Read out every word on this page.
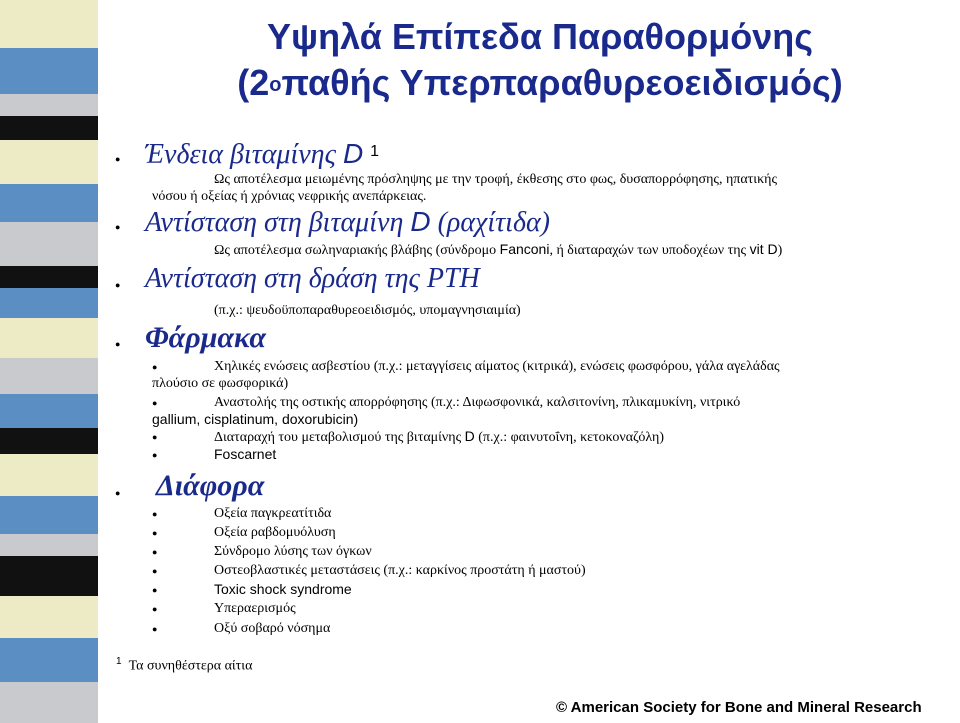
Υψηλά Επίπεδα Παραθορμόνης
($2^o\pi\alpha\theta ή\varsigma$ Υπερπαραθυρεοειδισμός)
● Ένδεια βιταμίνης D $^1$
Ως αποτέλεσμα μειωμένης πρόσληψης με την τροφή, έκθεσης στο φως, δυσαπορρόφησης, ηπατικής
νόσου ή οξείας ή χρόνιας νεφρικής ανεπάρκειας.
● Αντίσταση στη βιταμίνη D (ραχίτιδα)
Ως αποτέλεσμα σωληναριακής βλάβης (σύνδρομο Fanconi, ή διαταραχών των υποδοχέων της vit D)
● Αντίσταση στη δράση της PTH
(π.χ.: ψευδοϋποπαραθυρεοειδισμός, υπομαγνησιαιμία)
● Φάρμακα
●	Χηλικές ενώσεις ασβεστίου (π.χ.: μεταγγίσεις αίματος (κιτρικά), ενώσεις φωσφόρου, γάλα αγελάδας
πλούσιο σε φωσφορικά)
●	Αναστολής της οστικής απορρόφησης (π.χ.: Διφωσφονικά, καλσιτονίνη, πλικαμυκίνη, νιτρικό
gallium, cisplatinum, doxorubicin)
●	Διαταραχή του μεταβολισμού της βιταμίνης D (π.χ.: φαινυτοΐνη, κετοκοναζόλη)
●	Foscarnet
● Διάφορα
●	Οξεία παγκρεατίτιδα
●	Οξεία ραβδομυόλυση
●	Σύνδρομο λύσης των όγκων
●	Οστεοβλαστικές μεταστάσεις (π.χ.: καρκίνος προστάτη ή μαστού)
●	Toxic shock syndrome
●	Υπεραερισμός
●	Οξύ σοβαρό νόσημα
$^1$ Τα συνηθέστερα αίτια
© American Society for Bone and Mineral Research
